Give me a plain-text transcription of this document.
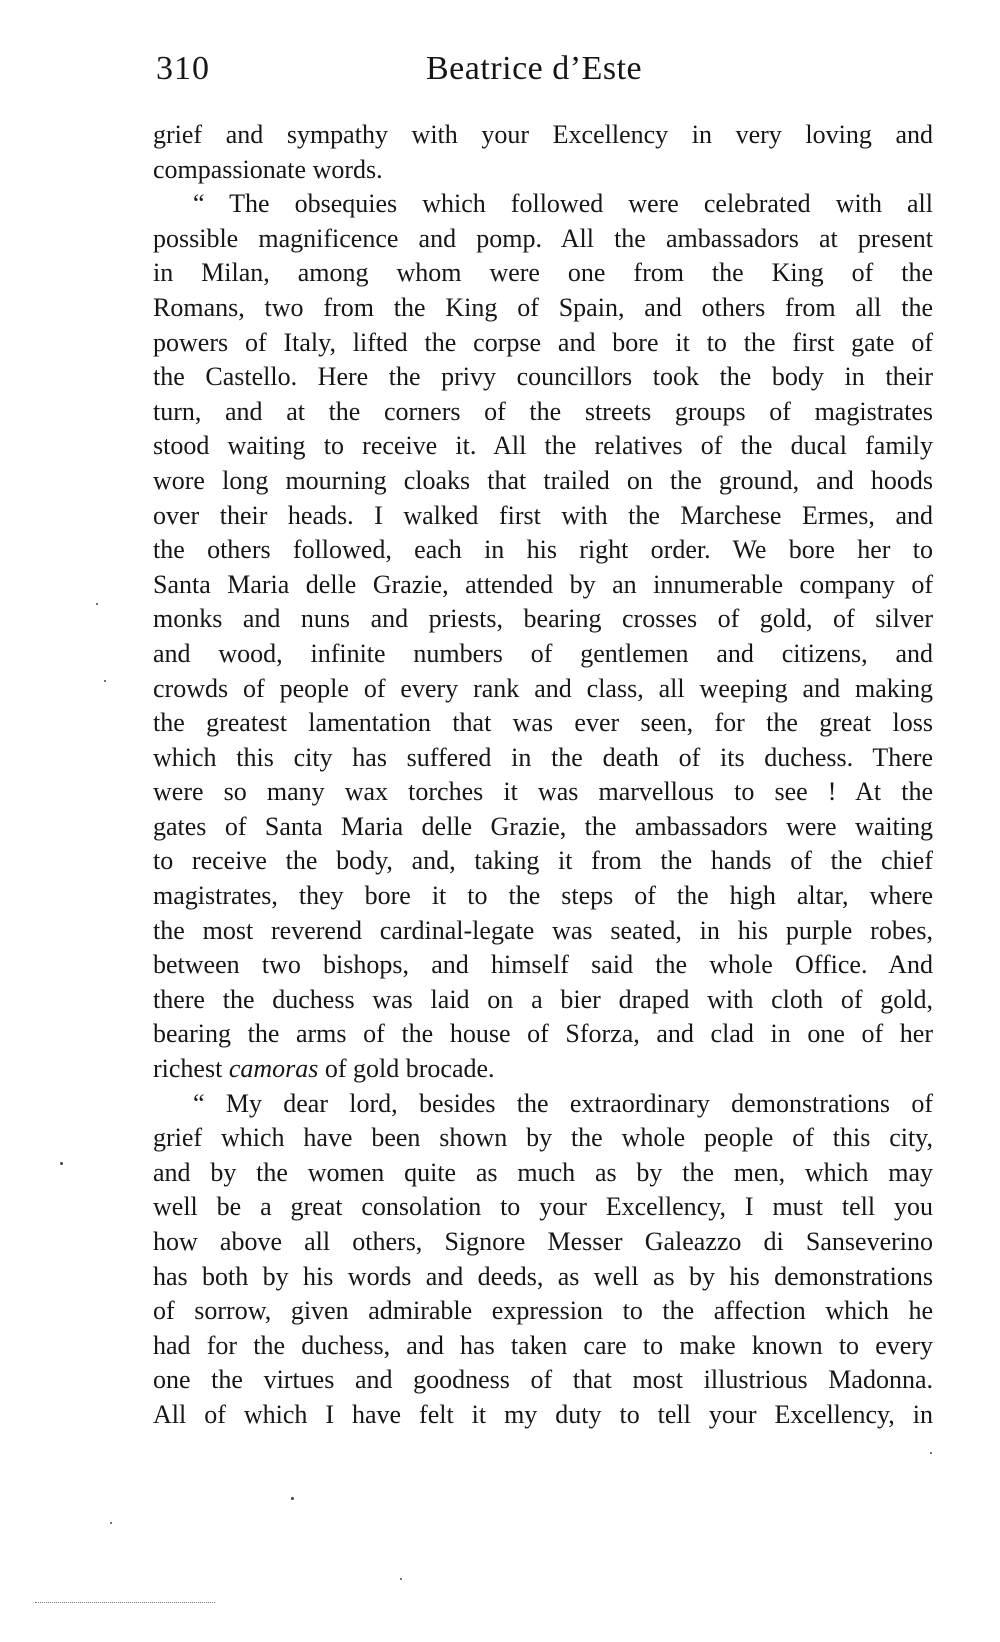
310	Beatrice d’Este
grief and sympathy with your Excellency in very loving and
compassionate words.
“ The obsequies which followed were celebrated with all
possible magnificence and pomp. All the ambassadors at present
in Milan, among whom were one from the King of the
Romans, two from the King of Spain, and others from all the
powers of Italy, lifted the corpse and bore it to the first gate of
the Castello. Here the privy councillors took the body in their
turn, and at the corners of the streets groups of magistrates
stood waiting to receive it. All the relatives of the ducal family
wore long mourning cloaks that trailed on the ground, and hoods
over their heads. I walked first with the Marchese Ermes, and
the others followed, each in his right order. We bore her to
Santa Maria delle Grazie, attended by an innumerable company of
monks and nuns and priests, bearing crosses of gold, of silver
and wood, infinite numbers of gentlemen and citizens, and
crowds of people of every rank and class, all weeping and making
the greatest lamentation that was ever seen, for the great loss
which this city has suffered in the death of its duchess. There
were so many wax torches it was marvellous to see ! At the
gates of Santa Maria delle Grazie, the ambassadors were waiting
to receive the body, and, taking it from the hands of the chief
magistrates, they bore it to the steps of the high altar, where
the most reverend cardinal-legate was seated, in his purple robes,
between two bishops, and himself said the whole Office. And
there the duchess was laid on a bier draped with cloth of gold,
bearing the arms of the house of Sforza, and clad in one of her
richest camoras of gold brocade.
“ My dear lord, besides the extraordinary demonstrations of
grief which have been shown by the whole people of this city,
and by the women quite as much as by the men, which may
well be a great consolation to your Excellency, I must tell you
how above all others, Signore Messer Galeazzo di Sanseverino
has both by his words and deeds, as well as by his demonstrations
of sorrow, given admirable expression to the affection which he
had for the duchess, and has taken care to make known to every
one the virtues and goodness of that most illustrious Madonna.
All of which I have felt it my duty to tell your Excellency, in
